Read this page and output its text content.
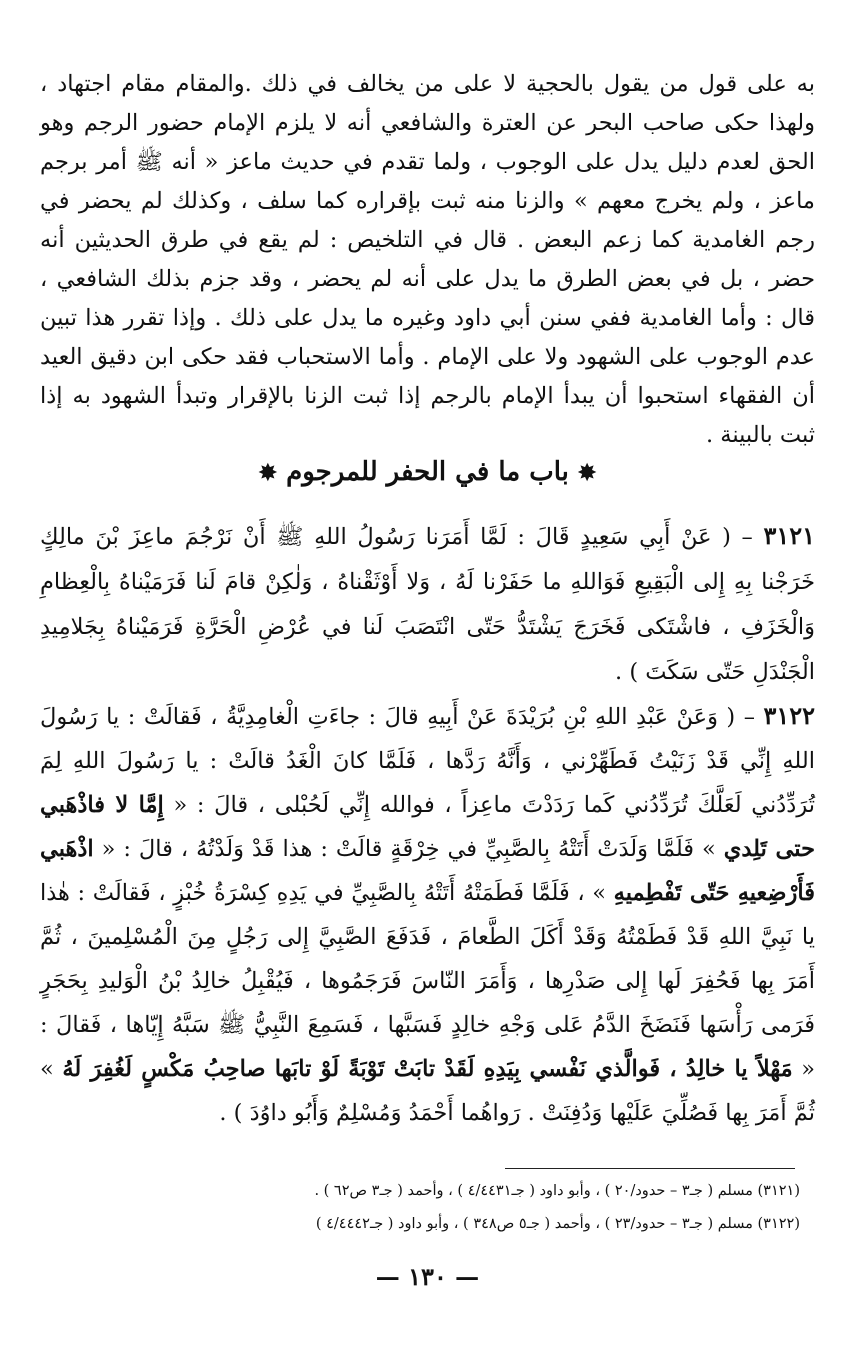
به على قول من يقول بالحجية لا على من يخالف في ذلك .والمقام مقام اجتهاد ، ولهذا حكى صاحب البحر عن العترة والشافعي أنه لا يلزم الإمام حضور الرجم وهو الحق لعدم دليل يدل على الوجوب ، ولما تقدم في حديث ماعز « أنه ﷺ أمر برجم ماعز ، ولم يخرج معهم » والزنا منه ثبت بإقراره كما سلف ، وكذلك لم يحضر في رجم الغامدية كما زعم البعض . قال في التلخيص : لم يقع في طرق الحديثين أنه حضر ، بل في بعض الطرق ما يدل على أنه لم يحضر ، وقد جزم بذلك الشافعي ، قال : وأما الغامدية ففي سنن أبي داود وغيره ما يدل على ذلك . وإذا تقرر هذا تبين عدم الوجوب على الشهود ولا على الإمام . وأما الاستحباب فقد حكى ابن دقيق العيد أن الفقهاء استحبوا أن يبدأ الإمام بالرجم إذا ثبت الزنا بالإقرار وتبدأ الشهود به إذا ثبت بالبينة .
✸ باب ما في الحفر للمرجوم ✸
٣١٢١ – ( عَنْ أَبِي سَعِيدٍ قَالَ : لَمَّا أَمَرَنا رَسُولُ اللهِ ﷺ أَنْ نَرْجُمَ ماعِزَ بْنَ مالِكٍ خَرَجْنا بِهِ إِلى الْبَقِيعِ فَوَاللهِ ما حَفَرْنا لَهُ ، وَلا أَوْثَقْناهُ ، وَلٰكِنْ قامَ لَنا فَرَمَيْناهُ بِالْعِظامِ وَالْخَزَفِ ، فاشْتَكى فَخَرَجَ يَشْتَدُّ حَتّى انْتَصَبَ لَنا في عُرْضِ الْحَرَّةِ فَرَمَيْناهُ بِجَلامِيدِ الْجَنْدَلِ حَتّى سَكَتَ ) .
٣١٢٢ – ( وَعَنْ عَبْدِ اللهِ بْنِ بُرَيْدَةَ عَنْ أَبِيهِ قالَ : جاءَتِ الْغامِدِيَّةُ ، فَقالَتْ : يا رَسُولَ اللهِ إِنِّي قَدْ زَنَيْتُ فَطَهِّرْني ، وَأَنَّهُ رَدَّها ، فَلَمَّا كانَ الْغَدُ قالَتْ : يا رَسُولَ اللهِ لِمَ تُرَدِّدُني لَعَلَّكَ تُرَدِّدُني كَما رَدَدْتَ ماعِزاً ، فوالله إِنِّي لَحُبْلى ، قالَ : « إِمَّا لا فاذْهَبي حتى تَلِدي » فَلَمَّا وَلَدَتْ أَتَتْهُ بِالصَّبِيِّ في خِرْقَةٍ قالَتْ : هذا قَدْ وَلَدْتُهُ ، قالَ : « اذْهَبي فَأَرْضِعيهِ حَتّى تَفْطِميهِ » ، فَلَمَّا فَطَمَتْهُ أَتَتْهُ بِالصَّبِيِّ في يَدِهِ كِسْرَةُ خُبْزٍ ، فَقالَتْ : هٰذا يا نَبِيَّ اللهِ قَدْ فَطَمْتُهُ وَقَدْ أَكَلَ الطَّعامَ ، فَدَفَعَ الصَّبِيَّ إِلى رَجُلٍ مِنَ الْمُسْلِمينَ ، ثُمَّ أَمَرَ بِها فَحُفِرَ لَها إِلى صَدْرِها ، وَأَمَرَ النّاسَ فَرَجَمُوها ، فَيُقْبِلُ خالِدُ بْنُ الْوَليدِ بِحَجَرٍ فَرَمى رَأْسَها فَنَضَخَ الدَّمُ عَلى وَجْهِ خالِدٍ فَسَبَّها ، فَسَمِعَ النَّبِيُّ ﷺ سَبَّهُ إِيّاها ، فَقالَ : « مَهْلاً يا خالِدُ ، فَوالَّذي نَفْسي بِيَدِهِ لَقَدْ تابَتْ تَوْبَةً لَوْ تابَها صاحِبُ مَكْسٍ لَغُفِرَ لَهُ » ثُمَّ أَمَرَ بِها فَصُلِّيَ عَلَيْها وَدُفِنَتْ . رَواهُما أَحْمَدُ وَمُسْلِمٌ وَأَبُو داوُدَ ) .
(٣١٢١) مسلم ( جـ٣ – حدود/٢٠ ) ، وأبو داود ( جـ٤/٤٤٣١ ) ، وأحمد ( جـ٣ ص٦٢ ) .
(٣١٢٢) مسلم ( جـ٣ – حدود/٢٣ ) ، وأحمد ( جـ٥ ص٣٤٨ ) ، وأبو داود ( جـ٤/٤٤٤٢ )
— ١٣٠ —
